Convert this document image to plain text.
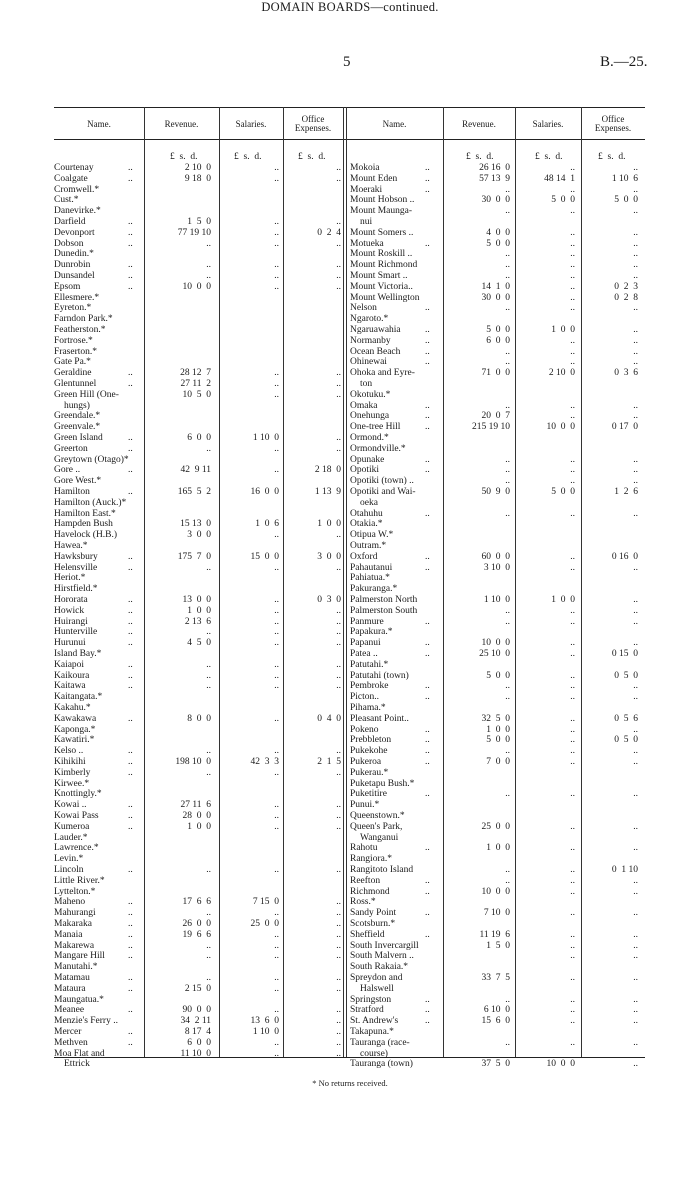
5	B.—25.
DOMAIN BOARDS—continued.
Name.	Revenue.	Salaries.	Office
Expenses.	Name.	Revenue.	Salaries.	Office
Expenses.
£  s.  d.	£  s.  d.	£  s.  d.	£  s.  d.	£  s.  d.	£  s.  d.
Courtenay	..	2 10  0	..	..
Coalgate	..	9 18  0	..	..
Cromwell.*
Cust.*
Danevirke.*
Darfield	..	1  5  0	..	..
Devonport	..	77 19 10	..	0  2  4
Dobson	..	..	..	..
Dunedin.*
Dunrobin	..	..	..	..
Dunsandel	..	..	..	..
Epsom	..	10  0  0	..	..
Ellesmere.*
Eyreton.*
Farndon Park.*
Featherston.*
Fortrose.*
Fraserton.*
Gate Pa.*
Geraldine	..	28 12  7	..	..
Glentunnel	..	27 11  2	..	..
Green Hill (One-	10  5  0	..	..
hungs)
Greendale.*
Greenvale.*
Green Island	..	6  0  0	1 10  0	..
Greerton	..	..	..	..
Greytown (Otago)*
Gore ..	..	42  9 11	..	2 18  0
Gore West.*
Hamilton	..	165  5  2	16  0  0	1 13  9
Hamilton (Auck.)*
Hamilton East.*
Hampden Bush	15 13  0	1  0  6	1  0  0
Havelock (H.B.)	3  0  0	..	..
Hawea.*
Hawksbury	..	175  7  0	15  0  0	3  0  0
Helensville	..	..	..	..
Heriot.*
Hirstfield.*
Hororata	..	13  0  0	..	0  3  0
Howick	..	1  0  0	..	..
Huirangi	..	2 13  6	..	..
Hunterville	..	..	..	..
Hurunui	..	4  5  0	..	..
Island Bay.*
Kaiapoi	..	..	..	..
Kaikoura	..	..	..	..
Kaitawa	..	..	..	..
Kaitangata.*
Kakahu.*
Kawakawa	..	8  0  0	..	0  4  0
Kaponga.*
Kawatiri.*
Kelso ..	..	..	..	..
Kihikihi	..	198 10  0	42  3  3	2  1  5
Kimberly	..	..	..	..
Kirwee.*
Knottingly.*
Kowai ..	..	27 11  6	..	..
Kowai Pass	..	28  0  0	..	..
Kumeroa	..	1  0  0	..	..
Lauder.*
Lawrence.*
Levin.*
Lincoln	..	..	..	..
Little River.*
Lyttelton.*
Maheno	..	17  6  6	7 15  0	..
Mahurangi	..	..	..	..
Makaraka	..	26  0  0	25  0  0	..
Manaia	..	19  6  6	..	..
Makarewa	..	..	..	..
Mangare Hill ..	..	..	..
Manutahi.*
Matamau	..	..	..	..
Mataura	..	2 15  0	..	..
Maungatua.*
Meanee	..	90  0  0	..	..
Menzie's Ferry ..	34  2 11	13  6  0	..
Mercer	..	8 17  4	1 10  0	..
Methven	..	6  0  0	..	..
Moa Flat and	11 10  0	..	..
Ettrick
Mokoia	..	26 16  0	..	..
Mount Eden	..	57 13  9	48 14  1	1 10  6
Moeraki	..	..	..	..
Mount Hobson ..	30  0  0	5  0  0	5  0  0
Mount Maunga-	..	..	..
nui
Mount Somers ..	4  0  0	..	..
Motueka	..	5  0  0	..	..
Mount Roskill ..	..	..	..
Mount Richmond	..	..	..
Mount Smart ..	..	..	..
Mount Victoria..	14  1  0	..	0  2  3
Mount Wellington	30  0  0	..	0  2  8
Nelson	..	..	..	..
Ngaroto.*
Ngaruawahia	..	5  0  0	1  0  0	..
Normanby	..	6  0  0	..	..
Ocean Beach	..	..	..	..
Ohinewai	..	..	..	..
Ohoka and Eyre-	71  0  0	2 10  0	0  3  6
ton
Okotuku.*
Omaka	..	..	..	..
Onehunga	..	20  0  7	..	..
One-tree Hill	..	215 19 10	10  0  0	0 17  0
Ormond.*
Ormondville.*
Opunake	..	..	..	..
Opotiki	..	..	..	..
Opotiki (town) ..	..	..	..
Opotiki and Wai-	50  9  0	5  0  0	1  2  6
oeka
Otahuhu	..	..	..	..
Otakia.*
Otipua W.*
Outram.*
Oxford	..	60  0  0	..	0 16  0
Pahautanui	..	3 10  0	..	..
Pahiatua.*
Pakuranga.*
Palmerston North	1 10  0	1  0  0	..
Palmerston South	..	..	..
Panmure	..	..	..	..
Papakura.*
Papanui	..	10  0  0	..	..
Patea ..	..	25 10  0	..	0 15  0
Patutahi.*
Patutahi (town)	5  0  0	..	0  5  0
Pembroke	..	..	..	..
Picton..	..	..	..	..
Pihama.*
Pleasant Point..	32  5  0	..	0  5  6
Pokeno	..	1  0  0	..	..
Prebbleton	..	5  0  0	..	0  5  0
Pukekohe	..	..	..	..
Pukeroa	..	7  0  0	..	..
Pukerau.*
Puketapu Bush.*
Puketitire	..	..	..	..
Punui.*
Queenstown.*
Queen's Park,	25  0  0	..	..
Wanganui
Rahotu	..	1  0  0	..	..
Rangiora.*
Rangitoto Island	..	..	0  1 10
Reefton	..	..	..	..
Richmond	..	10  0  0	..	..
Ross.*
Sandy Point	..	7 10  0	..	..
Scotsburn.*
Sheffield	..	11 19  6	..	..
South Invercargill	1  5  0	..	..
South Malvern ..	..	..
South Rakaia.*
Spreydon and	33  7  5	..	..
Halswell
Springston	..	..	..	..
Stratford	..	6 10  0	..	..
St. Andrew's	..	15  6  0	..	..
Takapuna.*
Tauranga (race-	..	..	..
course)
Tauranga (town)	37  5  0	10  0  0	..
* No returns received.
